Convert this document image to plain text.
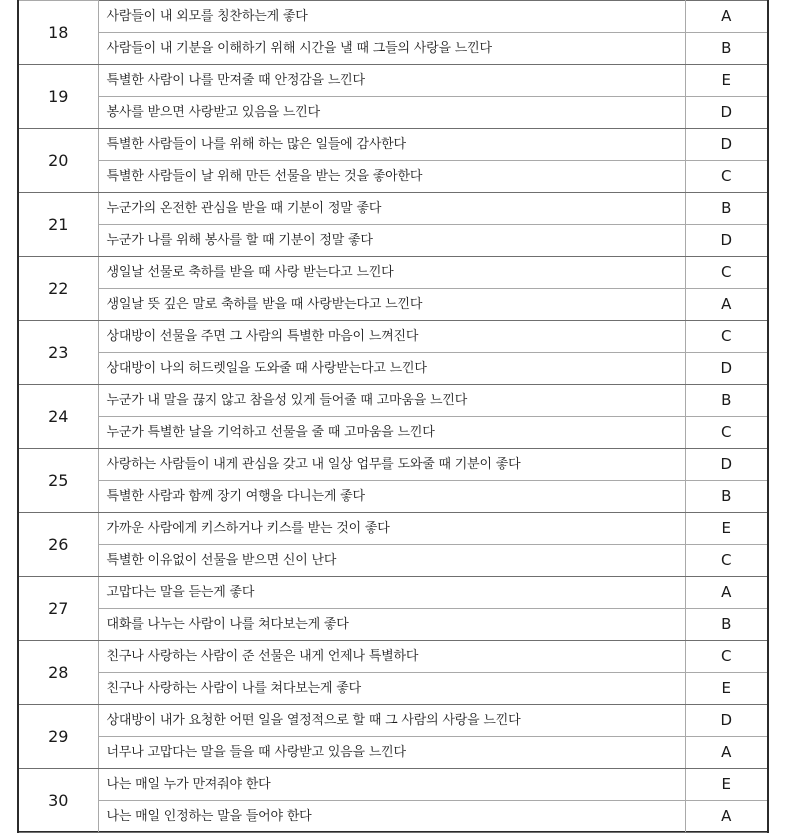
18	사람들이 내 외모를 칭찬하는게 좋다	A
	사람들이 내 기분을 이해하기 위해 시간을 낼 때 그들의 사랑을 느낀다	B
19	특별한 사람이 나를 만져줄 때 안정감을 느낀다	E
	봉사를 받으면 사랑받고 있음을 느낀다	D
20	특별한 사람들이 나를 위해 하는 많은 일들에 감사한다	D
	특별한 사람들이 날 위해 만든 선물을 받는 것을 좋아한다	C
21	누군가의 온전한 관심을 받을 때 기분이 정말 좋다	B
	누군가 나를 위해 봉사를 할 때 기분이 정말 좋다	D
22	생일날 선물로 축하를 받을 때 사랑 받는다고 느낀다	C
	생일날 뜻 깊은 말로 축하를 받을 때 사랑받는다고 느낀다	A
23	상대방이 선물을 주면 그 사람의 특별한 마음이 느껴진다	C
	상대방이 나의 허드렛일을 도와줄 때 사랑받는다고 느낀다	D
24	누군가 내 말을 끊지 않고 참을성 있게 들어줄 때 고마움을 느낀다	B
	누군가 특별한 날을 기억하고 선물을 줄 때 고마움을 느낀다	C
25	사랑하는 사람들이 내게 관심을 갖고 내 일상 업무를 도와줄 때 기분이 좋다	D
	특별한 사람과 함께 장기 여행을 다니는게 좋다	B
26	가까운 사람에게 키스하거나 키스를 받는 것이 좋다	E
	특별한 이유없이 선물을 받으면 신이 난다	C
27	고맙다는 말을 듣는게 좋다	A
	대화를 나누는 사람이 나를 쳐다보는게 좋다	B
28	친구나 사랑하는 사람이 준 선물은 내게 언제나 특별하다	C
	친구나 사랑하는 사람이 나를 쳐다보는게 좋다	E
29	상대방이 내가 요청한 어떤 일을 열정적으로 할 때 그 사람의 사랑을 느낀다	D
	너무나 고맙다는 말을 들을 때 사랑받고 있음을 느낀다	A
30	나는 매일 누가 만져줘야 한다	E
	나는 매일 인정하는 말을 들어야 한다	A
